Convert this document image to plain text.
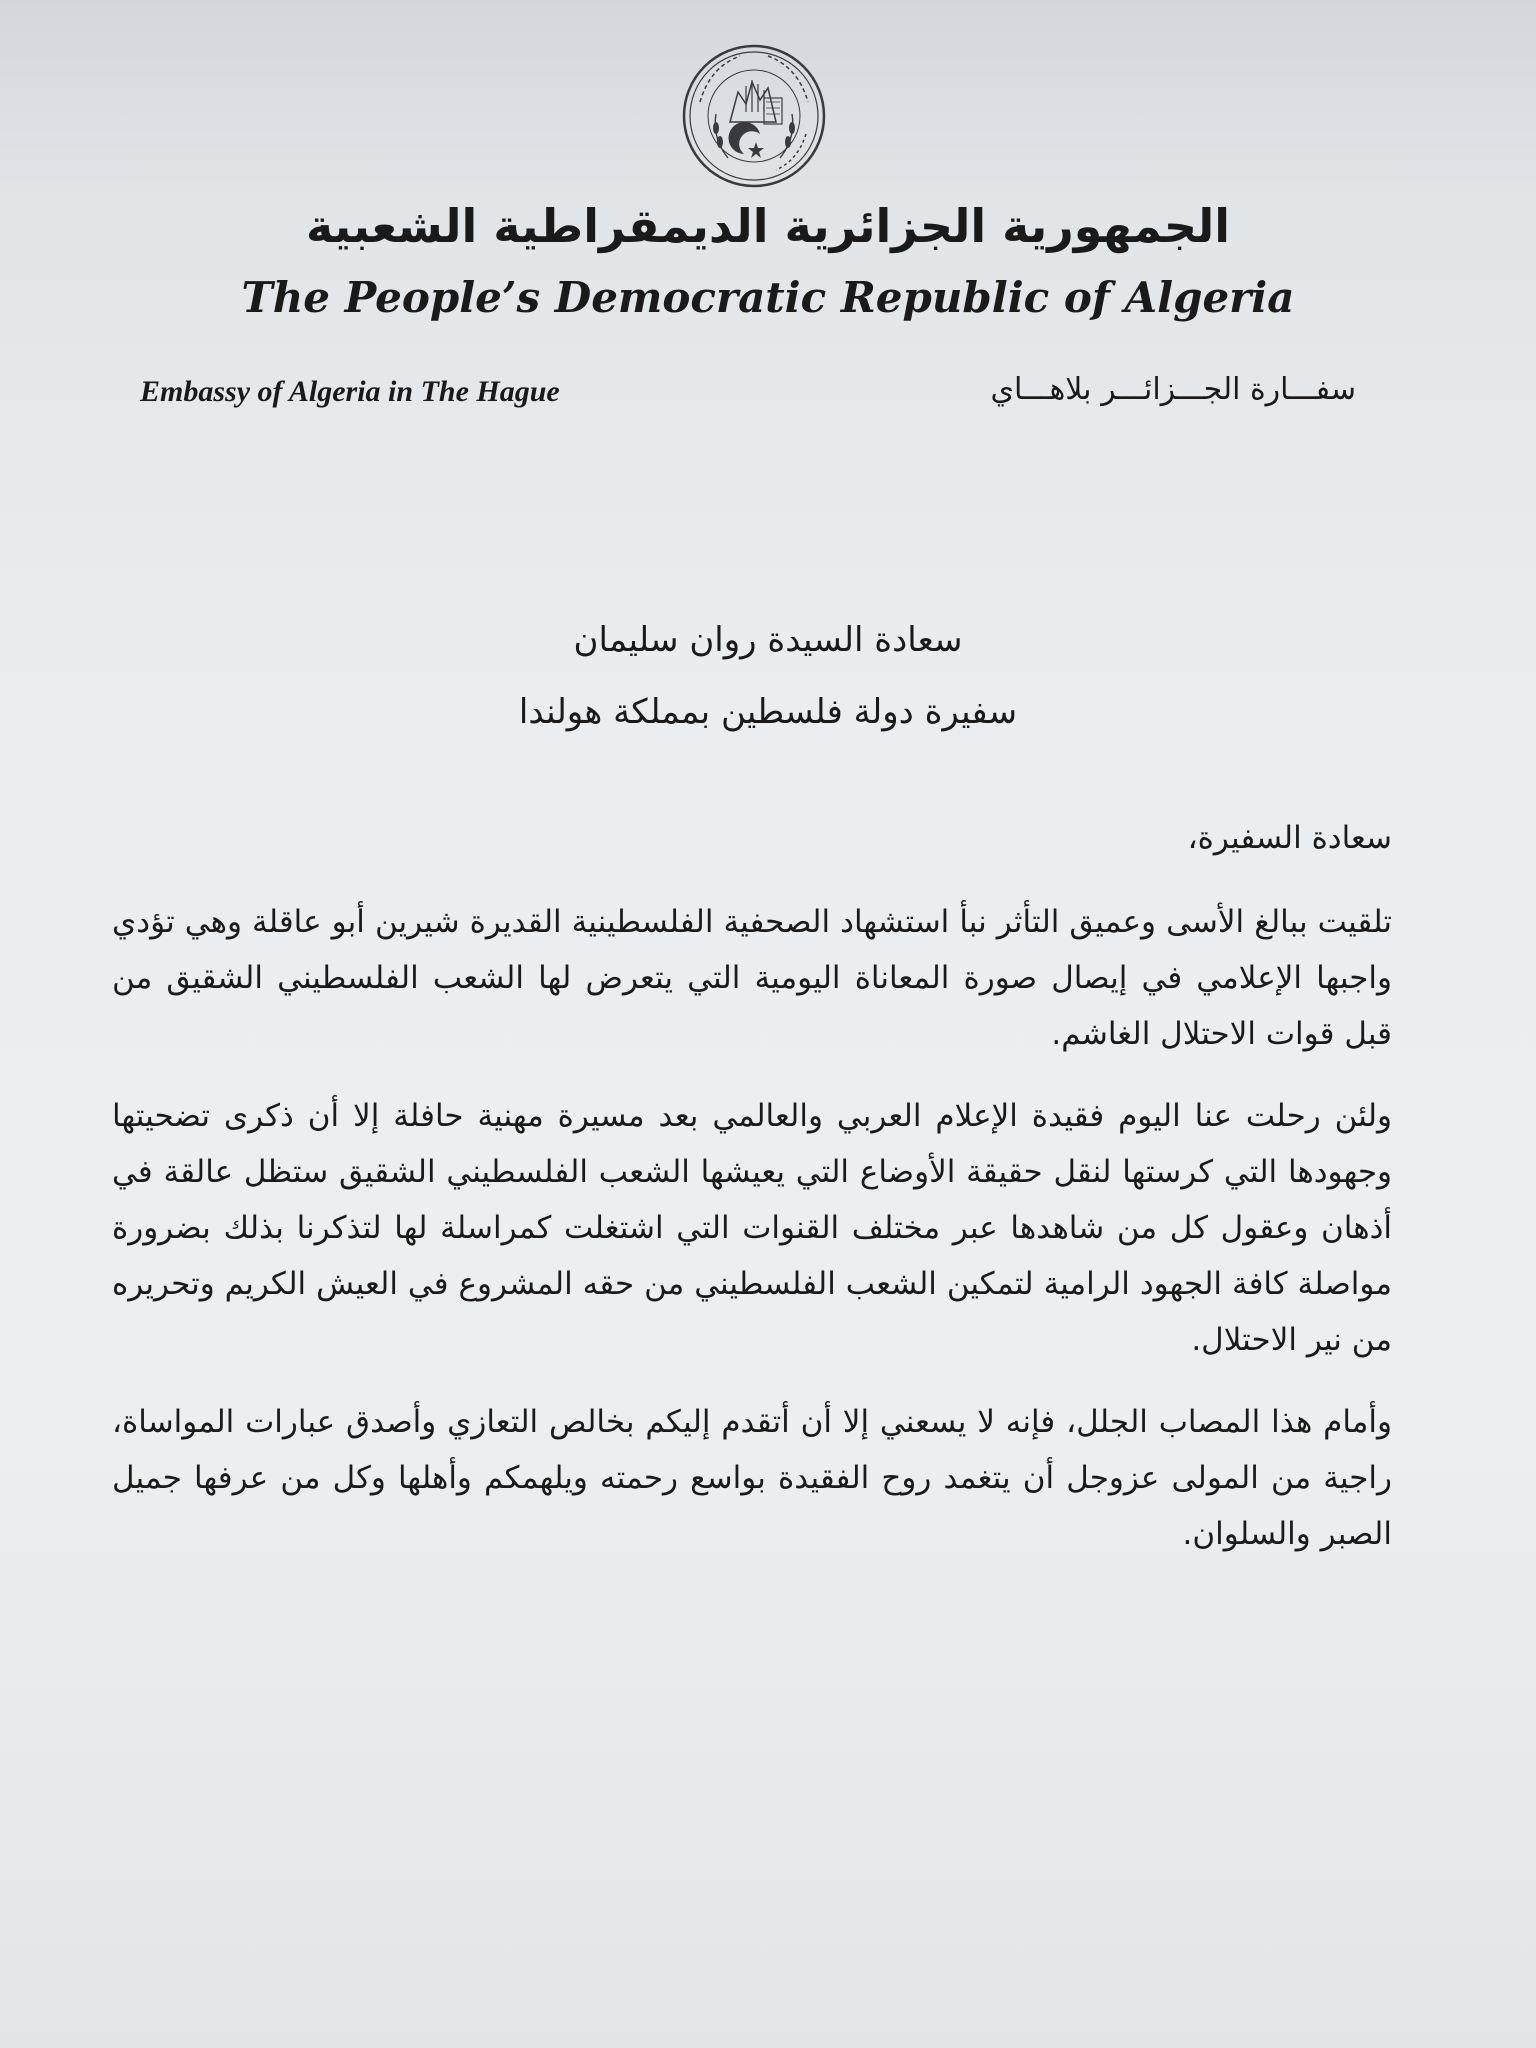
الجمهورية الجزائرية الديمقراطية الشعبية
The People’s Democratic Republic of Algeria
Embassy of Algeria in The Hague	سفـــارة الجـــزائـــر بلاهـــاي
سعادة السيدة روان سليمان
سفيرة دولة فلسطين بمملكة هولندا

سعادة السفيرة،

تلقيت ببالغ الأسى وعميق التأثر نبأ استشهاد الصحفية الفلسطينية القديرة شيرين أبو عاقلة وهي تؤدي واجبها الإعلامي في إيصال صورة المعاناة اليومية التي يتعرض لها الشعب الفلسطيني الشقيق من قبل قوات الاحتلال الغاشم.

ولئن رحلت عنا اليوم فقيدة الإعلام العربي والعالمي بعد مسيرة مهنية حافلة إلا أن ذكرى تضحيتها وجهودها التي كرستها لنقل حقيقة الأوضاع التي يعيشها الشعب الفلسطيني الشقيق ستظل عالقة في أذهان وعقول كل من شاهدها عبر مختلف القنوات التي اشتغلت كمراسلة لها لتذكرنا بذلك بضرورة مواصلة كافة الجهود الرامية لتمكين الشعب الفلسطيني من حقه المشروع في العيش الكريم وتحريره من نير الاحتلال.

وأمام هذا المصاب الجلل، فإنه لا يسعني إلا أن أتقدم إليكم بخالص التعازي وأصدق عبارات المواساة، راجية من المولى عزوجل أن يتغمد روح الفقيدة بواسع رحمته ويلهمكم وأهلها وكل من عرفها جميل الصبر والسلوان.
